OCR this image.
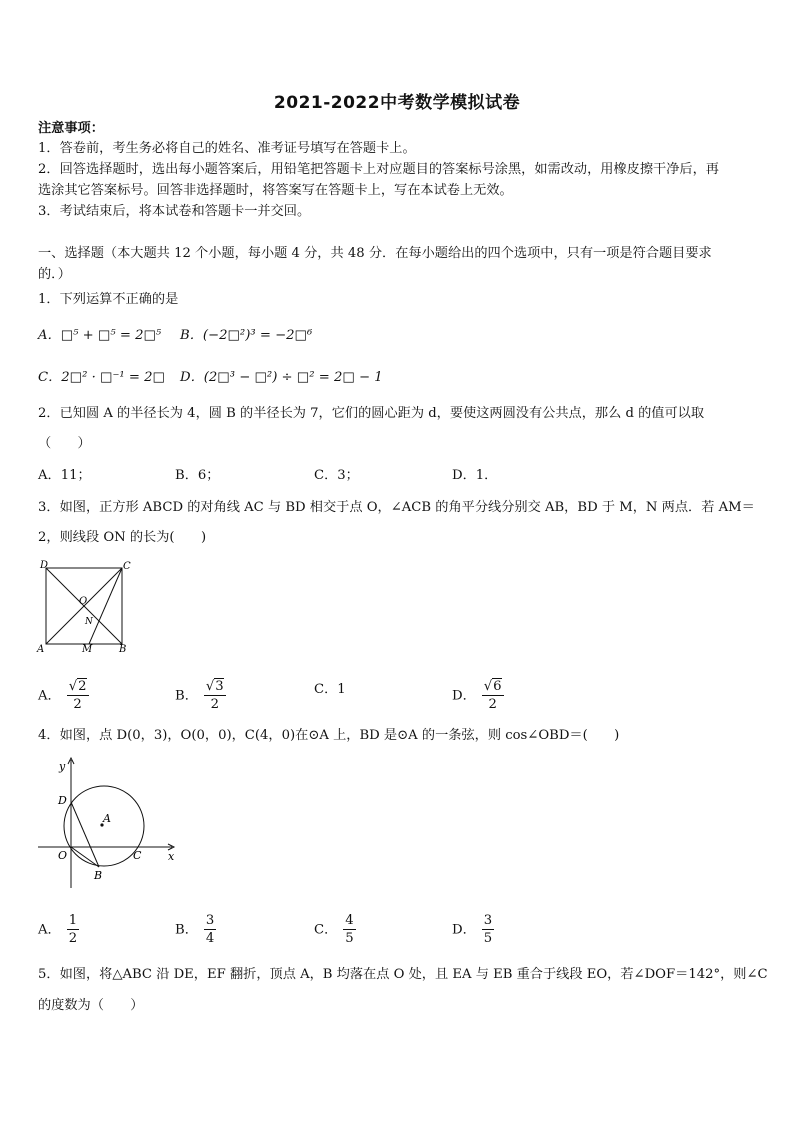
2021-2022中考数学模拟试卷
注意事项：
1．答卷前，考生务必将自己的姓名、准考证号填写在答题卡上。
2．回答选择题时，选出每小题答案后，用铅笔把答题卡上对应题目的答案标号涂黑，如需改动，用橡皮擦干净后，再
选涂其它答案标号。回答非选择题时，将答案写在答题卡上，写在本试卷上无效。
3．考试结束后，将本试卷和答题卡一并交回。
一、选择题（本大题共 12 个小题，每小题 4 分，共 48 分．在每小题给出的四个选项中，只有一项是符合题目要求
的．）
1．下列运算不正确的是
A．□⁵ + □⁵ = 2□⁵ B．(−2□²)³ = −2□⁶
C．2□² · □⁻¹ = 2□ D．(2□³ − □²) ÷ □² = 2□ − 1
2．已知圆 A 的半径长为 4，圆 B 的半径长为 7，它们的圆心距为 d，要使这两圆没有公共点，那么 d 的值可以取
（　　）
A．11；	B．6；	C．3；	D．1．
3．如图，正方形 ABCD 的对角线 AC 与 BD 相交于点 O，∠ACB 的角平分线分别交 AB，BD 于 M，N 两点．若 AM＝
2，则线段 ON 的长为(　　)
D	C
O
N
A	M	B
A． $\frac{√2}{2}$	B． $\frac{√3}{2}$	C．1	D． $\frac{√6}{2}$
4．如图，点 D(0，3)，O(0，0)，C(4，0)在⊙A 上，BD 是⊙A 的一条弦，则 cos∠OBD＝(　　)
y
x
D
A
O	C
B
A． $\frac{1}{2}$	B． $\frac{3}{4}$	C． $\frac{4}{5}$	D． $\frac{3}{5}$
5．如图，将△ABC 沿 DE，EF 翻折，顶点 A，B 均落在点 O 处，且 EA 与 EB 重合于线段 EO，若∠DOF＝142°，则∠C
的度数为（　　）
